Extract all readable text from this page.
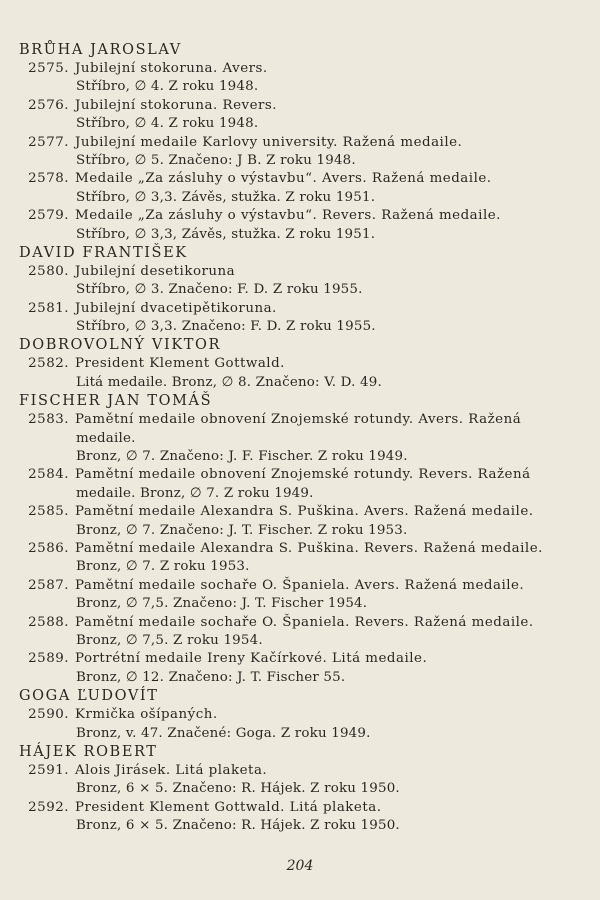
BRŮHA JAROSLAV
2575. Jubilejní stokoruna. Avers.
Stříbro, ∅ 4. Z roku 1948.
2576. Jubilejní stokoruna. Revers.
Stříbro, ∅ 4. Z roku 1948.
2577. Jubilejní medaile Karlovy university. Ražená medaile.
Stříbro, ∅ 5. Značeno: J B. Z roku 1948.
2578. Medaile „Za zásluhy o výstavbu“. Avers. Ražená medaile.
Stříbro, ∅ 3,3. Závěs, stužka. Z roku 1951.
2579. Medaile „Za zásluhy o výstavbu“. Revers. Ražená medaile.
Stříbro, ∅ 3,3, Závěs, stužka. Z roku 1951.
DAVID FRANTIŠEK
2580. Jubilejní desetikoruna
Stříbro, ∅ 3. Značeno: F. D. Z roku 1955.
2581. Jubilejní dvacetipětikoruna.
Stříbro, ∅ 3,3. Značeno: F. D. Z roku 1955.
DOBROVOLNÝ VIKTOR
2582. President Klement Gottwald.
Litá medaile. Bronz, ∅ 8. Značeno: V. D. 49.
FISCHER JAN TOMÁŠ
2583. Pamětní medaile obnovení Znojemské rotundy. Avers. Ražená
medaile.
Bronz, ∅ 7. Značeno: J. F. Fischer. Z roku 1949.
2584. Pamětní medaile obnovení Znojemské rotundy. Revers. Ražená
medaile. Bronz, ∅ 7. Z roku 1949.
2585. Pamětní medaile Alexandra S. Puškina. Avers. Ražená medaile.
Bronz, ∅ 7. Značeno: J. T. Fischer. Z roku 1953.
2586. Pamětní medaile Alexandra S. Puškina. Revers. Ražená medaile.
Bronz, ∅ 7. Z roku 1953.
2587. Pamětní medaile sochaře O. Španiela. Avers. Ražená medaile.
Bronz, ∅ 7,5. Značeno: J. T. Fischer 1954.
2588. Pamětní medaile sochaře O. Španiela. Revers. Ražená medaile.
Bronz, ∅ 7,5. Z roku 1954.
2589. Portrétní medaile Ireny Kačírkové. Litá medaile.
Bronz, ∅ 12. Značeno: J. T. Fischer 55.
GOGA ĽUDOVÍT
2590. Krmička ošípaných.
Bronz, v. 47. Značené: Goga. Z roku 1949.
HÁJEK ROBERT
2591. Alois Jirásek. Litá plaketa.
Bronz, 6 × 5. Značeno: R. Hájek. Z roku 1950.
2592. President Klement Gottwald. Litá plaketa.
Bronz, 6 × 5. Značeno: R. Hájek. Z roku 1950.
204
